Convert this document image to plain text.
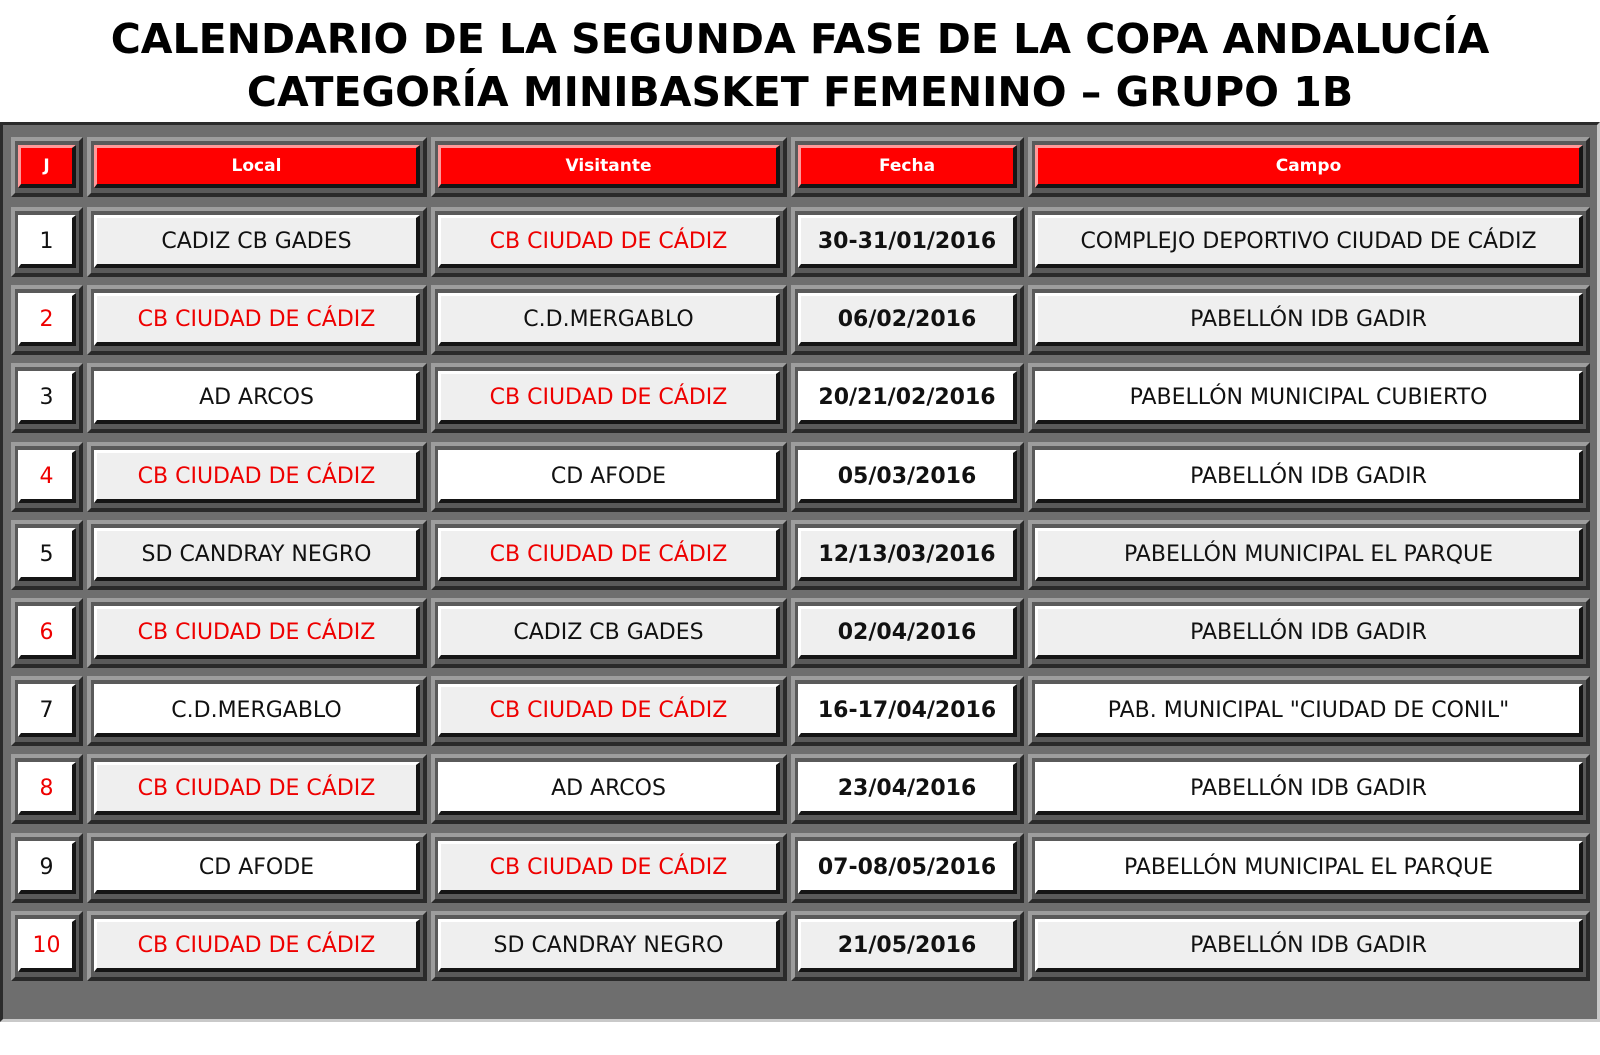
CALENDARIO DE LA SEGUNDA FASE DE LA COPA ANDALUCÍA
CATEGORÍA MINIBASKET FEMENINO – GRUPO 1B
J	Local	Visitante	Fecha	Campo
1	CADIZ CB GADES	CB CIUDAD DE CÁDIZ	30-31/01/2016	COMPLEJO DEPORTIVO CIUDAD DE CÁDIZ
2	CB CIUDAD DE CÁDIZ	C.D.MERGABLO	06/02/2016	PABELLÓN IDB GADIR
3	AD ARCOS	CB CIUDAD DE CÁDIZ	20/21/02/2016	PABELLÓN MUNICIPAL CUBIERTO
4	CB CIUDAD DE CÁDIZ	CD AFODE	05/03/2016	PABELLÓN IDB GADIR
5	SD CANDRAY NEGRO	CB CIUDAD DE CÁDIZ	12/13/03/2016	PABELLÓN MUNICIPAL EL PARQUE
6	CB CIUDAD DE CÁDIZ	CADIZ CB GADES	02/04/2016	PABELLÓN IDB GADIR
7	C.D.MERGABLO	CB CIUDAD DE CÁDIZ	16-17/04/2016	PAB. MUNICIPAL "CIUDAD DE CONIL"
8	CB CIUDAD DE CÁDIZ	AD ARCOS	23/04/2016	PABELLÓN IDB GADIR
9	CD AFODE	CB CIUDAD DE CÁDIZ	07-08/05/2016	PABELLÓN MUNICIPAL EL PARQUE
10	CB CIUDAD DE CÁDIZ	SD CANDRAY NEGRO	21/05/2016	PABELLÓN IDB GADIR
